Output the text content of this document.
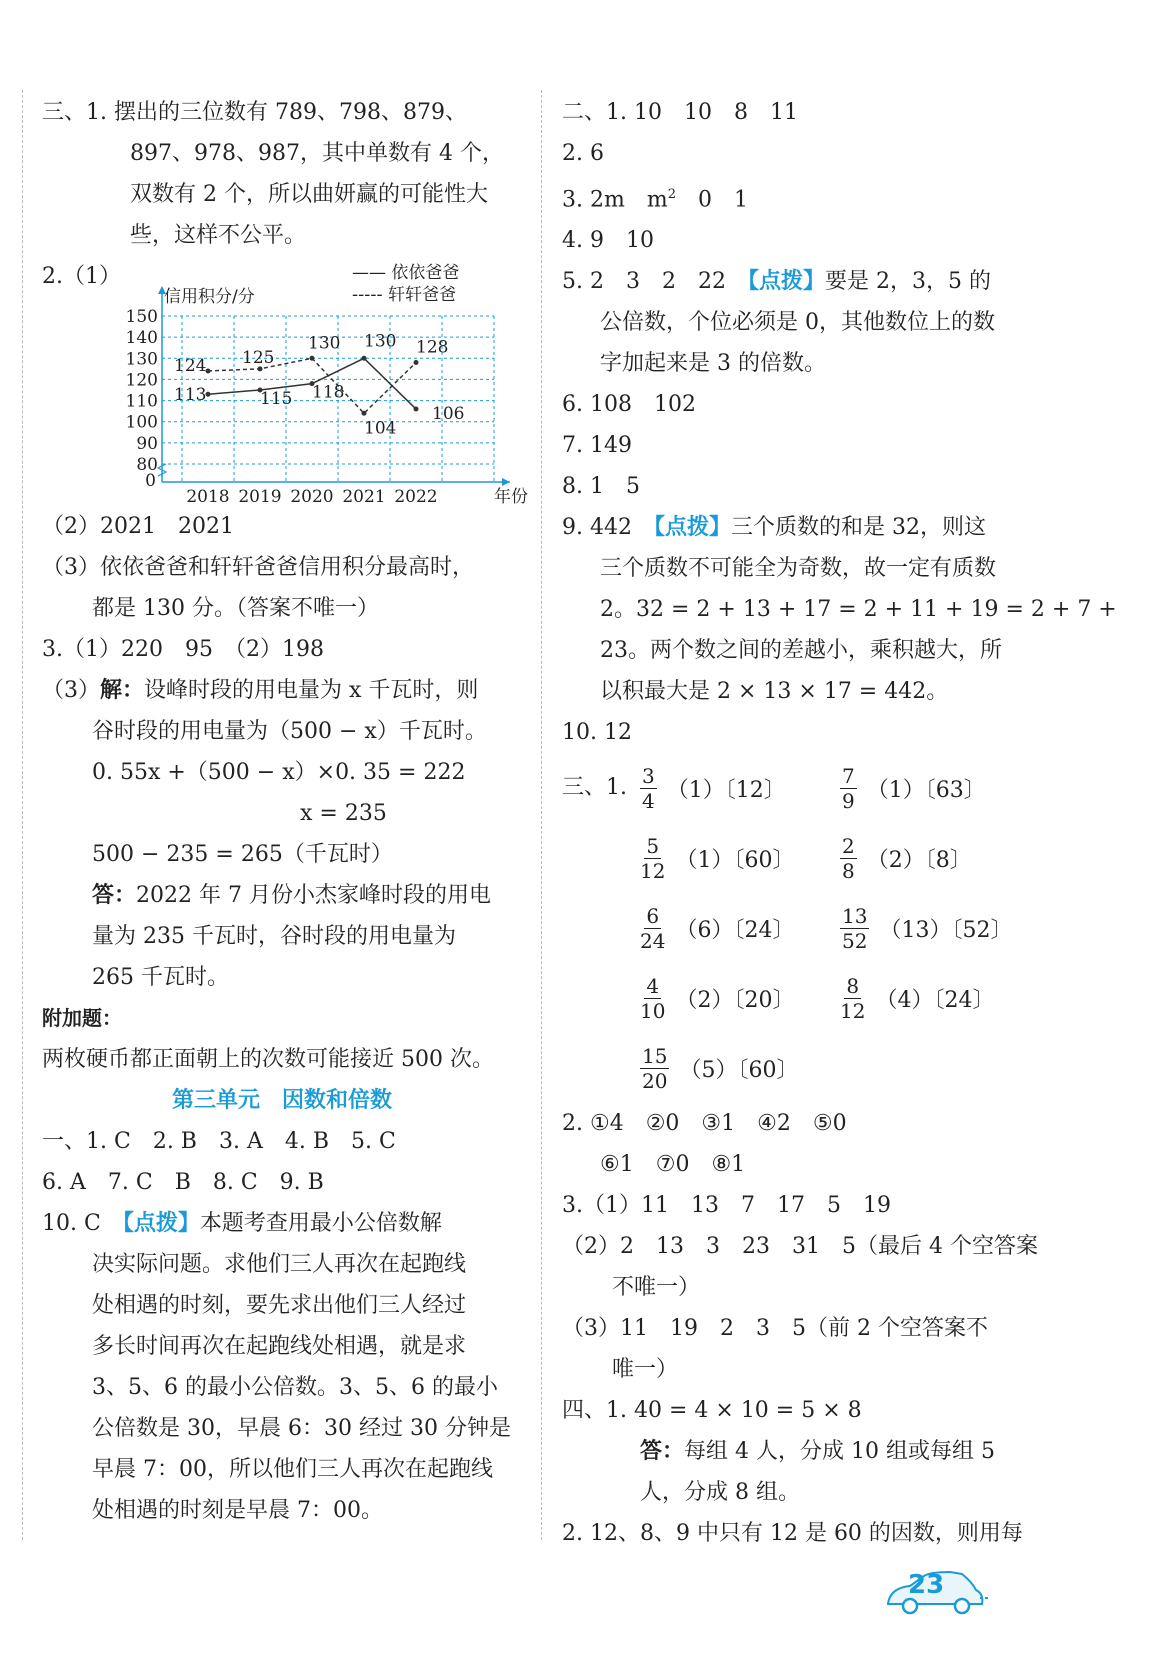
三、1. 摆出的三位数有 789、798、879、
897、978、987，其中单数有 4 个，
双数有 2 个，所以曲妍赢的可能性大
些，这样不公平。
2.（1）
0
80
90
100
110
120
130
140
150
信用积分/分
2018 2019 2020 2021 2022	年份
—— 依依爸爸
----- 轩轩爸爸
113	115 118
130
106
124 125
130
104
128
（2）2021　2021
（3）依依爸爸和轩轩爸爸信用积分最高时，
都是 130 分。（答案不唯一）
3.（1）220　95　（2）198
（3）解：设峰时段的用电量为 x 千瓦时，则
谷时段的用电量为（500 − x）千瓦时。
0. 55x +（500 − x）×0. 35 = 222
x = 235
500 − 235 = 265（千瓦时）
答：2022 年 7 月份小杰家峰时段的用电
量为 235 千瓦时，谷时段的用电量为
265 千瓦时。
附加题：
两枚硬币都正面朝上的次数可能接近 500 次。
第三单元　因数和倍数
一、1. C　2. B　3. A　4. B　5. C
6. A　7. C　B　8. C　9. B
10. C　【点拨】本题考查用最小公倍数解
决实际问题。求他们三人再次在起跑线
处相遇的时刻，要先求出他们三人经过
多长时间再次在起跑线处相遇，就是求
3、5、6 的最小公倍数。3、5、6 的最小
公倍数是 30，早晨 6：30 经过 30 分钟是
早晨 7：00，所以他们三人再次在起跑线
处相遇的时刻是早晨 7：00。
二、1. 10　10　8　11
2. 6
3. 2m　$m^2$　0　1
4. 9　10
5. 2　3　2　22　【点拨】要是 2，3，5 的
公倍数，个位必须是 0，其他数位上的数
字加起来是 3 的倍数。
6. 108　102
7. 149
8. 1　5
9. 442　【点拨】三个质数的和是 32，则这
三个质数不可能全为奇数，故一定有质数
2。32 = 2 + 13 + 17 = 2 + 11 + 19 = 2 + 7 +
23。两个数之间的差越小，乘积越大，所
以积最大是 2 × 13 × 17 = 442。
10. 12
三、1. $\frac{3}{4} (1)$〔12〕	$\frac{7}{9} (1)$〔63〕
$\frac{5}{12} (1)$〔60〕 $\frac{2}{8} (2)$〔8〕
$\frac{6}{24} (6)$〔24〕 $\frac{13}{52} (13)$〔52〕
$\frac{4}{10} (2)$〔20〕 $\frac{8}{12} (4)$〔24〕
$\frac{15}{20} (5)$〔60〕
2. ①4　②0　③1　④2　⑤0
⑥1　⑦0　⑧1
3.（1）11　13　7　17　5　19
（2）2　13　3　23　31　5（最后 4 个空答案
不唯一）
（3）11　19　2　3　5（前 2 个空答案不
唯一）
四、1. 40 = 4 × 10 = 5 × 8
答：每组 4 人，分成 10 组或每组 5
人，分成 8 组。
2. 12、8、9 中只有 12 是 60 的因数，则用每
23
